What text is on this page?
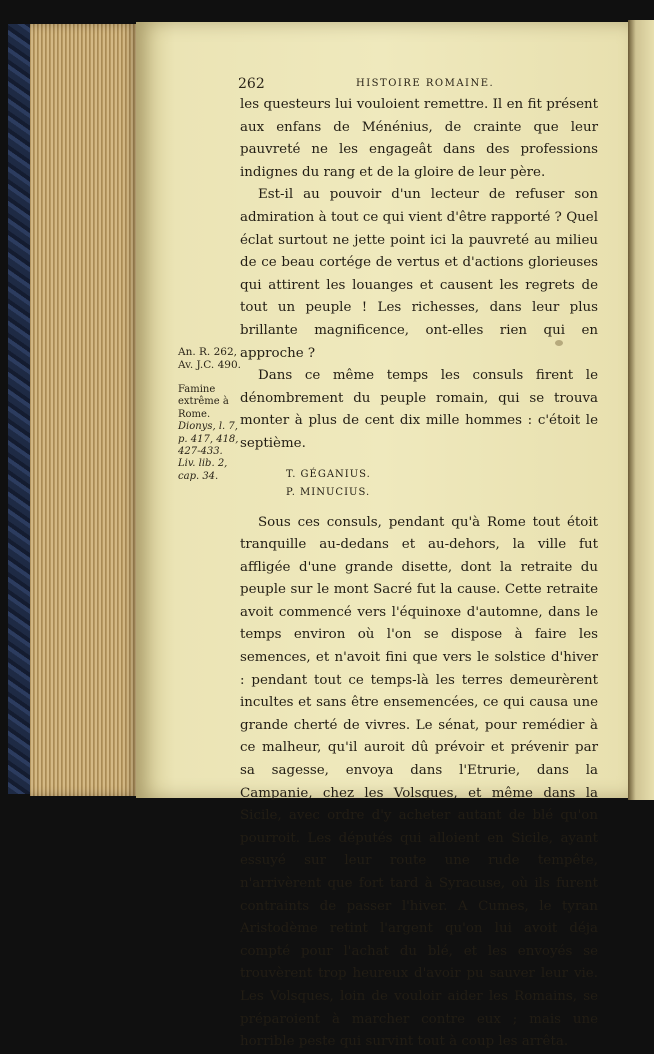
262	HISTOIRE ROMAINE.
An. R. 262,
Av. J.C. 490.
Famine extrême à Rome.
Dionys, l. 7, p. 417, 418, 427-433.
Liv. lib. 2, cap. 34.

les questeurs lui vouloient remettre. Il en fit présent aux enfans de Ménénius, de crainte que leur pauvreté ne les engageât dans des professions indignes du rang et de la gloire de leur père.

Est-il au pouvoir d'un lecteur de refuser son admiration à tout ce qui vient d'être rapporté ? Quel éclat surtout ne jette point ici la pauvreté au milieu de ce beau cortége de vertus et d'actions glorieuses qui attirent les louanges et causent les regrets de tout un peuple ! Les richesses, dans leur plus brillante magnificence, ont-elles rien qui en approche ?

Dans ce même temps les consuls firent le dénombrement du peuple romain, qui se trouva monter à plus de cent dix mille hommes : c'étoit le septième.

T. GÉGANIUS.
P. MINUCIUS.

Sous ces consuls, pendant qu'à Rome tout étoit tranquille au-dedans et au-dehors, la ville fut affligée d'une grande disette, dont la retraite du peuple sur le mont Sacré fut la cause. Cette retraite avoit commencé vers l'équinoxe d'automne, dans le temps environ où l'on se dispose à faire les semences, et n'avoit fini que vers le solstice d'hiver : pendant tout ce temps-là les terres demeurèrent incultes et sans être ensemencées, ce qui causa une grande cherté de vivres. Le sénat, pour remédier à ce malheur, qu'il auroit dû prévoir et prévenir par sa sagesse, envoya dans l'Etrurie, dans la Campanie, chez les Volsques, et même dans la Sicile, avec ordre d'y acheter autant de blé qu'on pourroit. Les députés qui alloient en Sicile, ayant essuyé sur leur route une rude tempête, n'arrivèrent que fort tard à Syracuse, où ils furent contraints de passer l'hiver. A Cumes, le tyran Aristodème retint l'argent qu'on lui avoit déja compté pour l'achat du blé, et les envoyés se trouvèrent trop heureux d'avoir pu sauver leur vie. Les Volsques, loin de vouloir aider les Romains, se préparoient à marcher contre eux ; mais une horrible peste qui survint tout à coup les arrêta.
